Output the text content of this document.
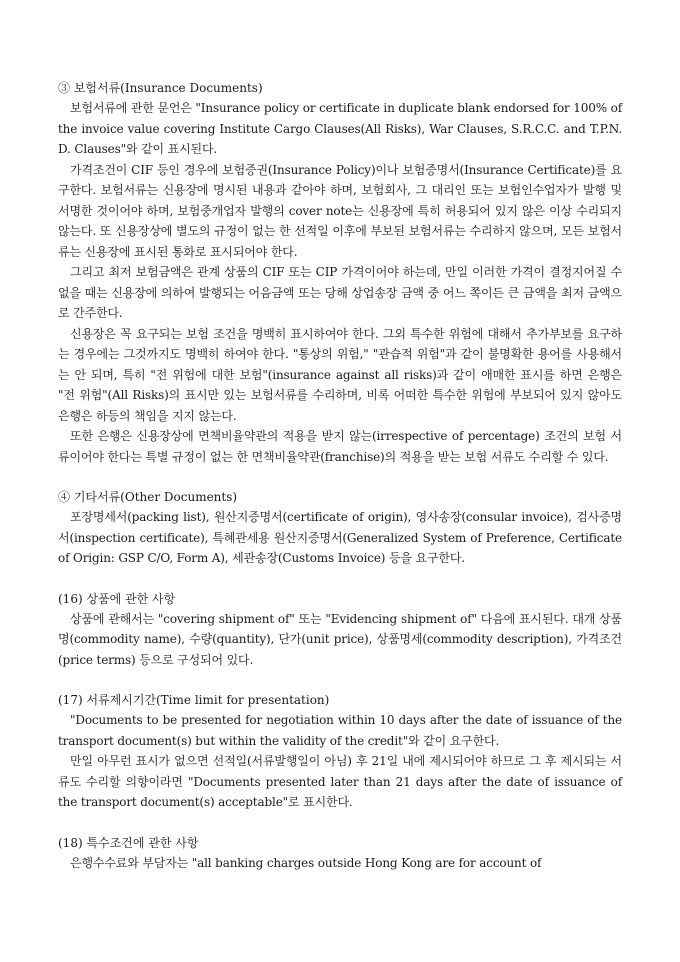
③ 보험서류(Insurance Documents)

보험서류에 관한 문언은 "Insurance policy or certificate in duplicate blank endorsed for 100% of the invoice value covering Institute Cargo Clauses(All Risks), War Clauses, S.R.C.C. and T.P.N. D. Clauses"와 같이 표시된다.

가격조건이 CIF 등인 경우에 보험증권(Insurance Policy)이나 보험증명서(Insurance Certificate)를 요구한다. 보험서류는 신용장에 명시된 내용과 같아야 하며, 보험회사, 그 대리인 또는 보험인수업자가 발행 및 서명한 것이어야 하며, 보험중개업자 발행의 cover note는 신용장에 특히 허용되어 있지 않은 이상 수리되지 않는다. 또 신용장상에 별도의 규정이 없는 한 선적일 이후에 부보된 보험서류는 수리하지 않으며, 모든 보험서류는 신용장에 표시된 통화로 표시되어야 한다.

그리고 최저 보험금액은 관계 상품의 CIF 또는 CIP 가격이어야 하는데, 만일 이러한 가격이 결정지어질 수 없을 때는 신용장에 의하여 발행되는 어음금액 또는 당해 상업송장 금액 중 어느 쪽이든 큰 금액을 최저 금액으로 간주한다.

신용장은 꼭 요구되는 보험 조건을 명백히 표시하여야 한다. 그외 특수한 위험에 대해서 추가부보를 요구하는 경우에는 그것까지도 명백히 하여야 한다. "통상의 위험," "관습적 위험"과 같이 불명확한 용어를 사용해서는 안 되며, 특히 "전 위험에 대한 보험"(insurance against all risks)과 같이 애매한 표시를 하면 은행은 "전 위험"(All Risks)의 표시만 있는 보험서류를 수리하며, 비록 어떠한 특수한 위험에 부보되어 있지 않아도 은행은 하등의 책임을 지지 않는다.

또한 은행은 신용장상에 면책비율약관의 적용을 받지 않는(irrespective of percentage) 조건의 보험 서류이어야 한다는 특별 규정이 없는 한 면책비율약관(franchise)의 적용을 받는 보험 서류도 수리할 수 있다.

④ 기타서류(Other Documents)

포장명세서(packing list), 원산지증명서(certificate of origin), 영사송장(consular invoice), 검사증명서(inspection certificate), 특혜관세용 원산지증명서(Generalized System of Preference, Certificate of Origin: GSP C/O, Form A), 세관송장(Customs Invoice) 등을 요구한다.

(16) 상품에 관한 사항

상품에 관해서는 "covering shipment of" 또는 "Evidencing shipment of" 다음에 표시된다. 대개 상품명(commodity name), 수량(quantity), 단가(unit price), 상품명세(commodity description), 가격조건(price terms) 등으로 구성되어 있다.

(17) 서류제시기간(Time limit for presentation)

"Documents to be presented for negotiation within 10 days after the date of issuance of the transport document(s) but within the validity of the credit"와 같이 요구한다.

만일 아무런 표시가 없으면 선적일(서류발행일이 아님) 후 21일 내에 제시되어야 하므로 그 후 제시되는 서류도 수리할 의향이라면 "Documents presented later than 21 days after the date of issuance of the transport document(s) acceptable"로 표시한다.

(18) 특수조건에 관한 사항

은행수수료와 부담자는 "all banking charges outside Hong Kong are for account of
